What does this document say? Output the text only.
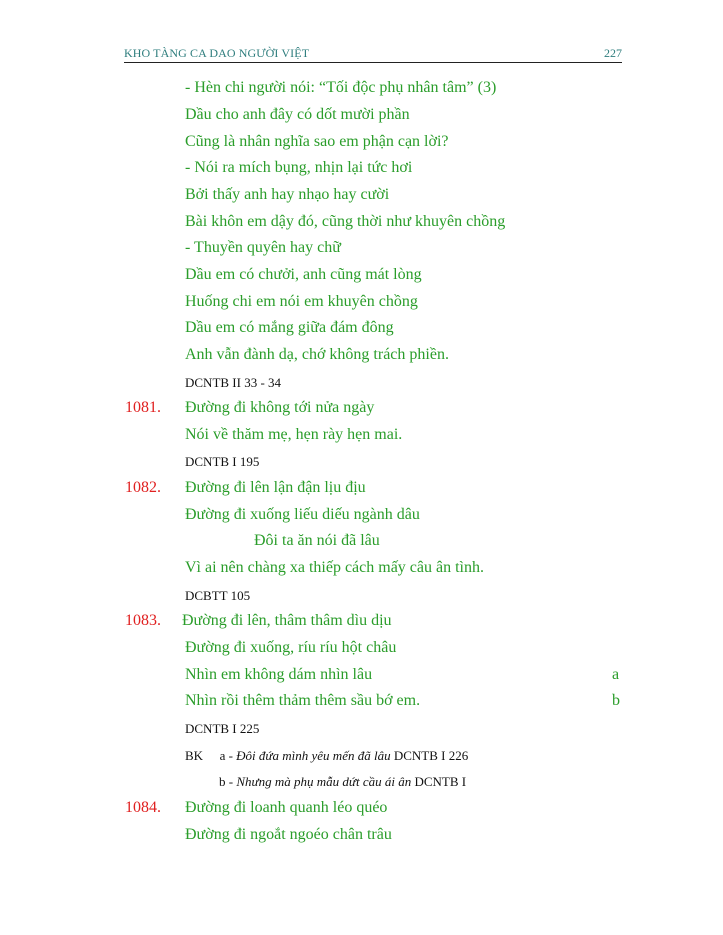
KHO TÀNG CA DAO NGƯỜI VIỆT	227
- Hèn chi người nói: “Tối độc phụ nhân tâm” (3)
Dầu cho anh đây có dốt mười phần
Cũng là nhân nghĩa sao em phận cạn lời?
- Nói ra mích bụng, nhịn lại tức hơi
Bởi thấy anh hay nhạo hay cười
Bài khôn em dậy đó, cũng thời như khuyên chồng
- Thuyền quyên hay chữ
Dầu em có chưởi, anh cũng mát lòng
Huống chi em nói em khuyên chồng
Dầu em có mắng giữa đám đông
Anh vẫn đành dạ, chớ không trách phiền.
DCNTB II 33 - 34
1081. Đường đi không tới nửa ngày
Nói về thăm mẹ, hẹn rày hẹn mai.
DCNTB I 195
1082. Đường đi lên lận đận lịu địu
Đường đi xuống liếu diếu ngành dâu
Đôi ta ăn nói đã lâu
Vì ai nên chàng xa thiếp cách mấy câu ân tình.
DCBTT 105
1083. Đường đi lên, thâm thâm dìu dịu
Đường đi xuống, ríu ríu hột châu
Nhìn em không dám nhìn lâu	a
Nhìn rồi thêm thảm thêm sầu bớ em.	b
DCNTB I 225
BK a - Đôi đứa mình yêu mến đã lâu DCNTB I 226
b - Nhưng mà phụ mẫu dứt cầu ái ân DCNTB I
1084. Đường đi loanh quanh léo quéo
Đường đi ngoắt ngoéo chân trâu
